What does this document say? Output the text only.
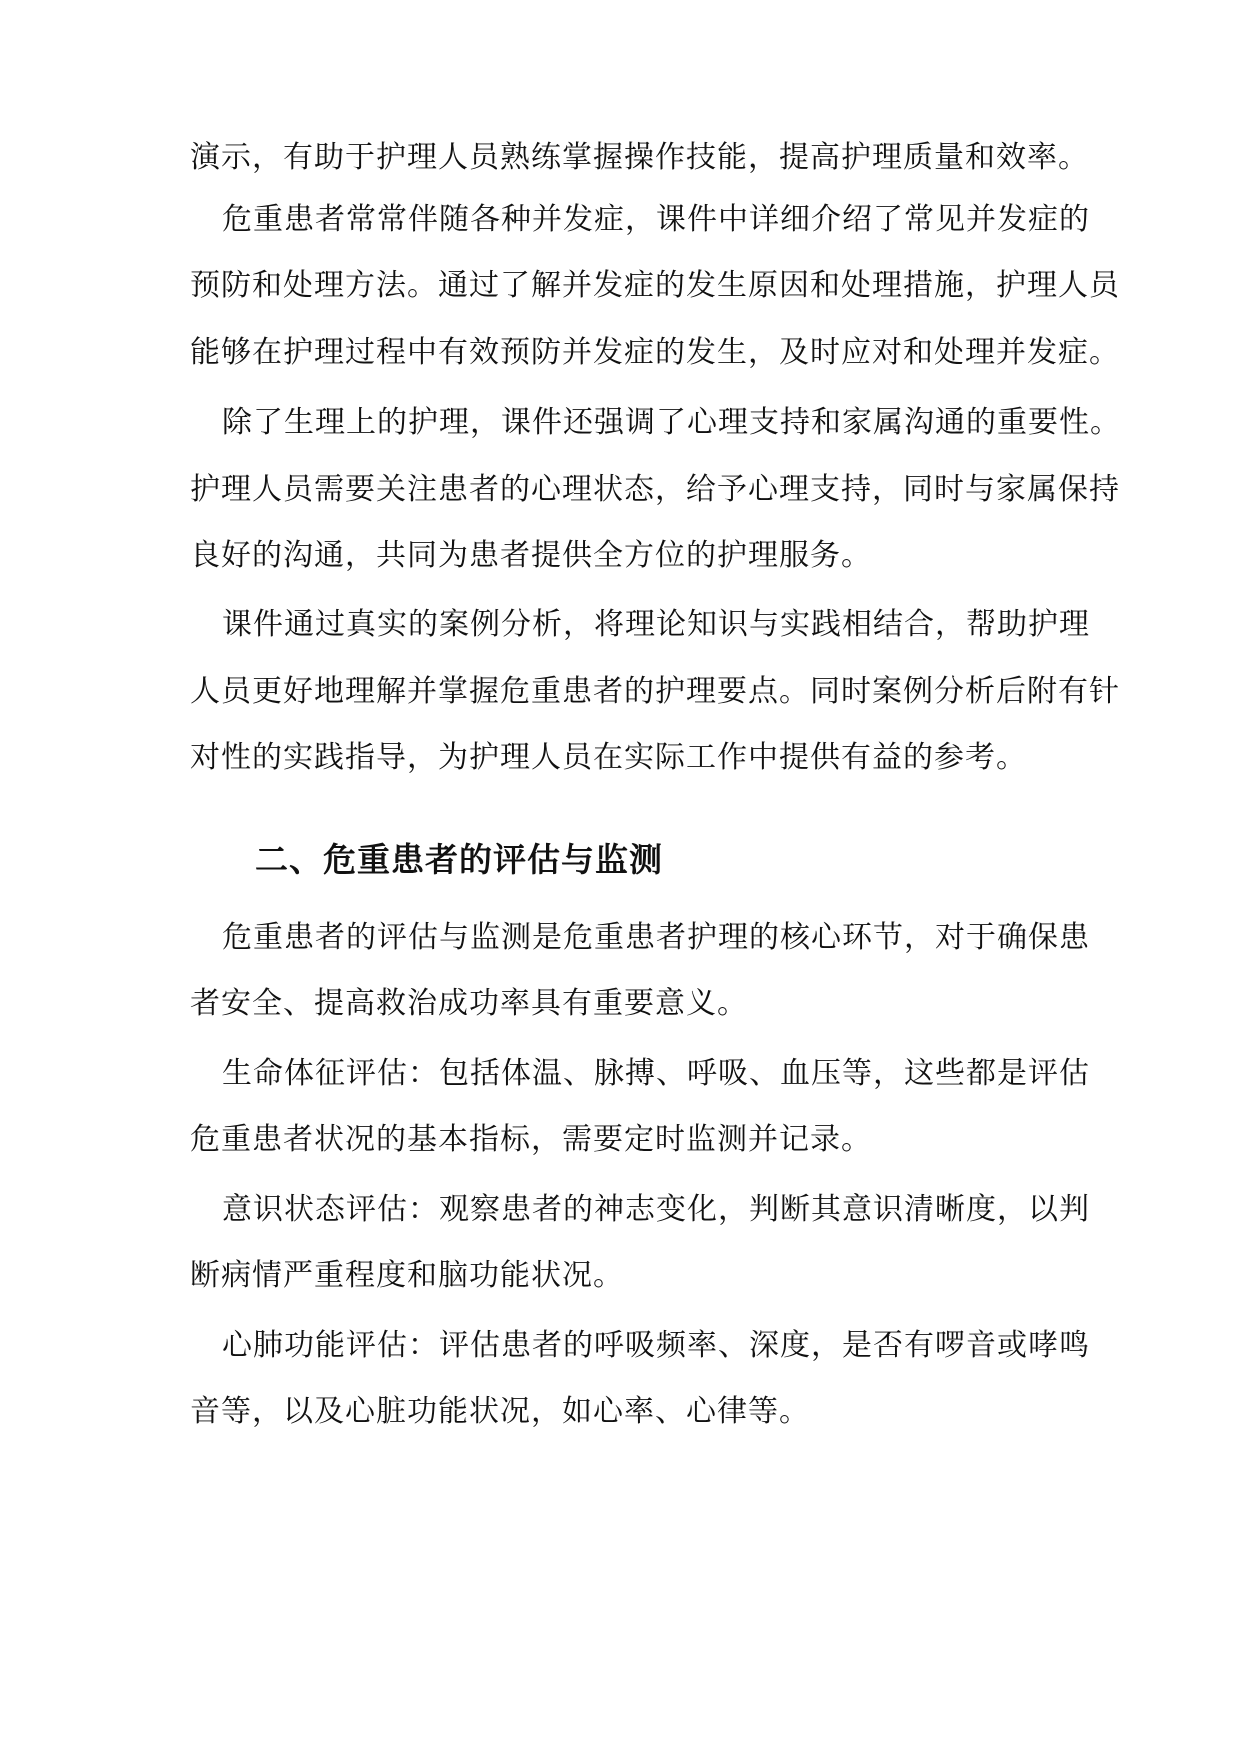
演示，有助于护理人员熟练掌握操作技能，提高护理质量和效率。
危重患者常常伴随各种并发症，课件中详细介绍了常见并发症的
预防和处理方法。通过了解并发症的发生原因和处理措施，护理人员
能够在护理过程中有效预防并发症的发生，及时应对和处理并发症。
除了生理上的护理，课件还强调了心理支持和家属沟通的重要性。
护理人员需要关注患者的心理状态，给予心理支持，同时与家属保持
良好的沟通，共同为患者提供全方位的护理服务。
课件通过真实的案例分析，将理论知识与实践相结合，帮助护理
人员更好地理解并掌握危重患者的护理要点。同时案例分析后附有针
对性的实践指导，为护理人员在实际工作中提供有益的参考。
二、危重患者的评估与监测
危重患者的评估与监测是危重患者护理的核心环节，对于确保患
者安全、提高救治成功率具有重要意义。
生命体征评估：包括体温、脉搏、呼吸、血压等，这些都是评估
危重患者状况的基本指标，需要定时监测并记录。
意识状态评估：观察患者的神志变化，判断其意识清晰度，以判
断病情严重程度和脑功能状况。
心肺功能评估：评估患者的呼吸频率、深度，是否有啰音或哮鸣
音等，以及心脏功能状况，如心率、心律等。
